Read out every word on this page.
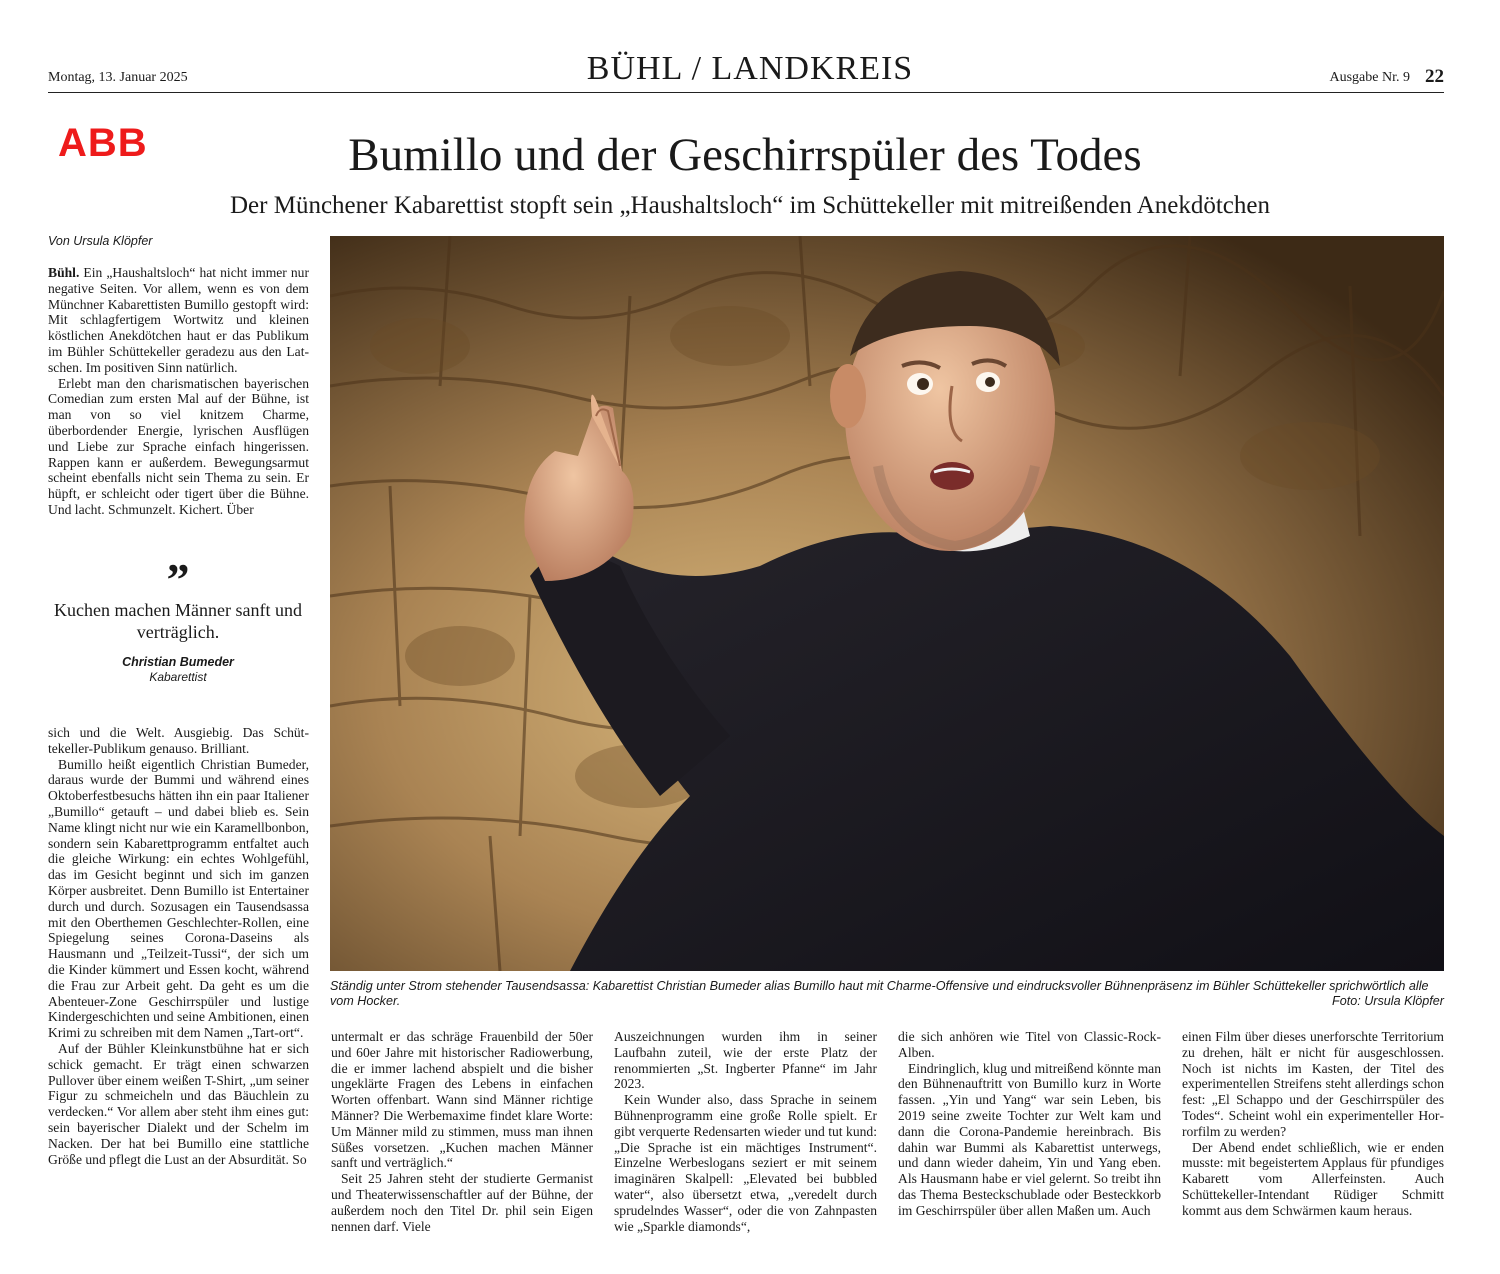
Montag, 13. Januar 2025	BÜHL / LANDKREIS	Ausgabe Nr. 9 22
ABB	Bumillo und der Geschirrspüler des Todes
Der Münchener Kabarettist stopft sein „Haushaltsloch“ im Schüttekeller mit mitreißenden Anekdötchen
Von Ursula Klöpfer

Bühl. Ein „Haushaltsloch“ hat nicht immer nur negative Seiten. Vor allem, wenn es von dem Münchner Kabarettisten Bumillo gestopft wird: Mit schlagfertigem Wortwitz und kleinen köstlichen Anekdötchen haut er das Publikum im Bühler Schüttekeller geradezu aus den Latschen. Im positiven Sinn natürlich.

Erlebt man den charismatischen bayerischen Comedian zum ersten Mal auf der Bühne, ist man von so viel knitzem Charme, überbordender Energie, lyrischen Ausflügen und Liebe zur Sprache einfach hingerissen. Rappen kann er außerdem. Bewegungsarmut scheint ebenfalls nicht sein Thema zu sein. Er hüpft, er schleicht oder tigert über die Bühne. Und lacht. Schmunzelt. Kichert. Über

”
Kuchen machen Männer sanft und verträglich.
Christian Bumeder
Kabarettist

sich und die Welt. Ausgiebig. Das Schüttekeller-Publikum genauso. Brilliant.

Bumillo heißt eigentlich Christian Bumeder, daraus wurde der Bummi und während eines Oktoberfestbesuchs hätten ihn ein paar Italiener „Bumillo“ getauft – und dabei blieb es. Sein Name klingt nicht nur wie ein Karamellbonbon, sondern sein Kabarettprogramm entfaltet auch die gleiche Wirkung: ein echtes Wohlgefühl, das im Gesicht beginnt und sich im ganzen Körper ausbreitet. Denn Bumillo ist Entertainer durch und durch. Sozusagen ein Tausendsassa mit den Oberthemen Geschlechter-Rollen, eine Spiegelung seines Corona-Daseins als Hausmann und „Teilzeit-Tussi“, der sich um die Kinder kümmert und Essen kocht, während die Frau zur Arbeit geht. Da geht es um die Abenteuer-Zone Geschirrspüler und lustige Kindergeschichten und seine Ambitionen, einen Krimi zu schreiben mit dem Namen „Tart-ort“.

Auf der Bühler Kleinkunstbühne hat er sich schick gemacht. Er trägt einen schwarzen Pullover über einem weißen T-Shirt, „um seiner Figur zu schmeicheln und das Bäuchlein zu verdecken.“ Vor allem aber steht ihm eines gut: sein bayerischer Dialekt und der Schelm im Nacken. Der hat bei Bumillo eine stattliche Größe und pflegt die Lust an der Absurdität. So

Ständig unter Strom stehender Tausendsassa: Kabarettist Christian Bumeder alias Bumillo haut mit Charme-Offensive und eindrucksvoller Bühnenpräsenz im Bühler Schüttekeller sprichwörtlich alle vom Hocker.	Foto: Ursula Klöpfer

untermalt er das schräge Frauenbild der 50er und 60er Jahre mit historischer Radiowerbung, die er immer lachend abspielt und die bisher ungeklärte Fragen des Lebens in einfachen Worten offenbart. Wann sind Männer richtige Männer? Die Werbemaxime findet klare Worte: Um Männer mild zu stimmen, muss man ihnen Süßes vorsetzen. „Kuchen machen Männer sanft und verträglich.“

Seit 25 Jahren steht der studierte Germanist und Theaterwissenschaftler auf der Bühne, der außerdem noch den Titel Dr. phil sein Eigen nennen darf. Viele

Auszeichnungen wurden ihm in seiner Laufbahn zuteil, wie der erste Platz der renommierten „St. Ingberter Pfanne“ im Jahr 2023.

Kein Wunder also, dass Sprache in seinem Bühnenprogramm eine große Rolle spielt. Er gibt verquerte Redensarten wieder und tut kund: „Die Sprache ist ein mächtiges Instrument“. Einzelne Werbeslogans seziert er mit seinem imaginären Skalpell: „Elevated bei bubbled water“, also übersetzt etwa, „veredelt durch sprudelndes Wasser“, oder die von Zahnpasten wie „Sparkle diamonds“,

die sich anhören wie Titel von Classic-Rock-Alben.

Eindringlich, klug und mitreißend könnte man den Bühnenauftritt von Bumillo kurz in Worte fassen. „Yin und Yang“ war sein Leben, bis 2019 seine zweite Tochter zur Welt kam und dann die Corona-Pandemie hereinbrach. Bis dahin war Bummi als Kabarettist unterwegs, und dann wieder daheim, Yin und Yang eben. Als Hausmann habe er viel gelernt. So treibt ihn das Thema Besteckschublade oder Besteckkorb im Geschirrspüler über allen Maßen um. Auch

einen Film über dieses unerforschte Territorium zu drehen, hält er nicht für ausgeschlossen. Noch ist nichts im Kasten, der Titel des experimentellen Streifens steht allerdings schon fest: „El Schappo und der Geschirrspüler des Todes“. Scheint wohl ein experimenteller Horrorfilm zu werden?

Der Abend endet schließlich, wie er enden musste: mit begeistertem Applaus für pfundiges Kabarett vom Allerfeinsten. Auch Schüttekeller-Intendant Rüdiger Schmitt kommt aus dem Schwärmen kaum heraus.
